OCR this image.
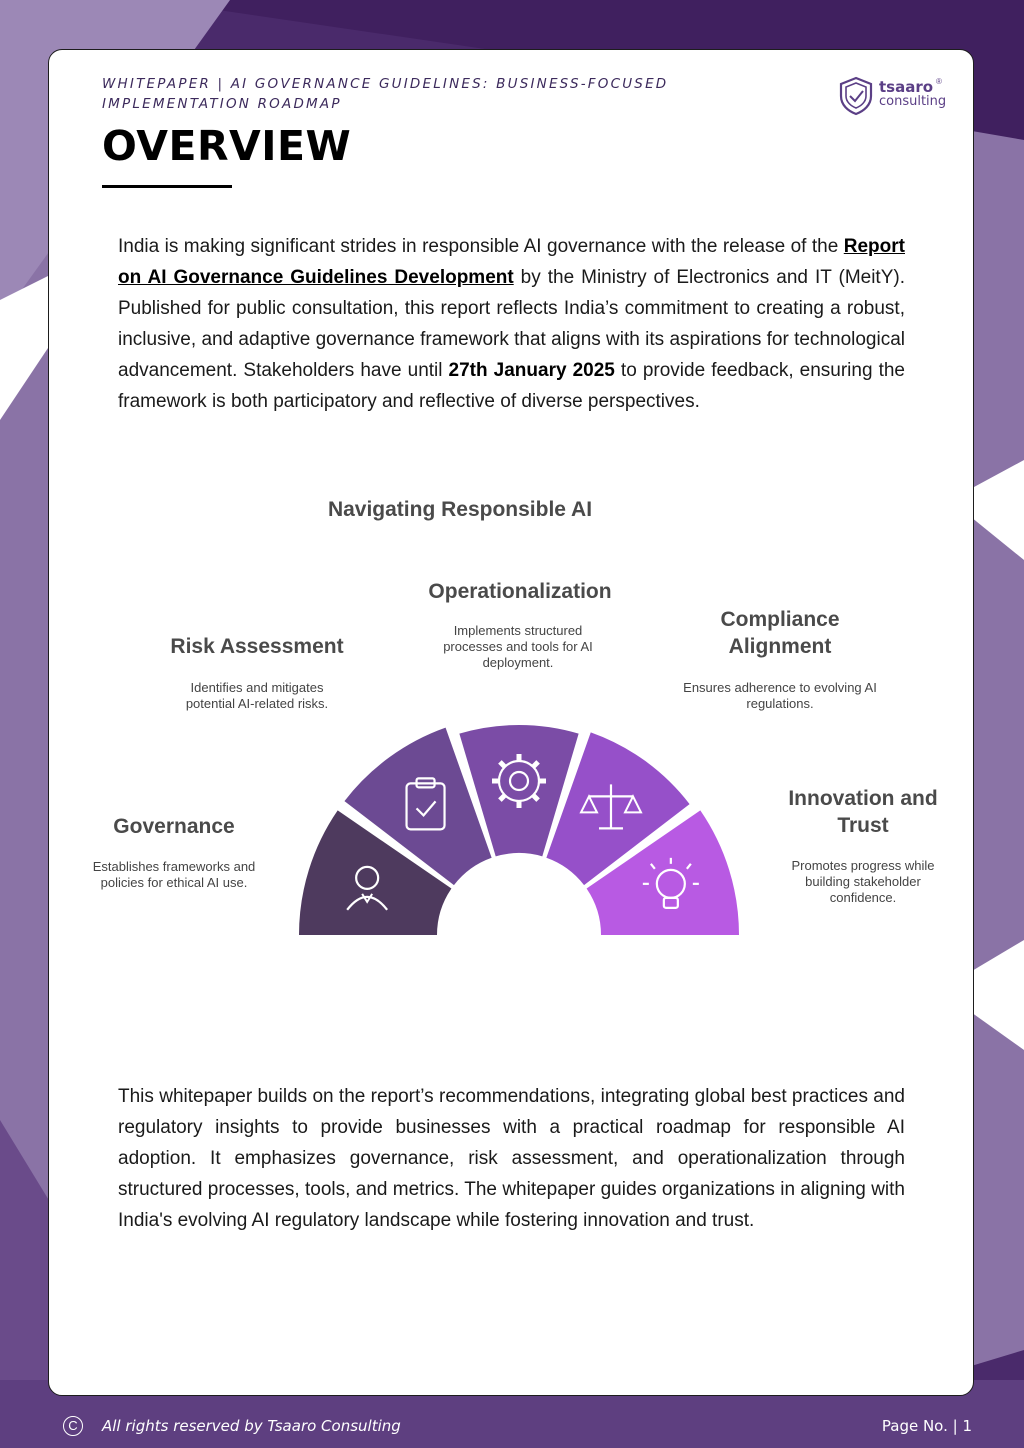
WHITEPAPER | AI GOVERNANCE GUIDELINES: BUSINESS-FOCUSED IMPLEMENTATION ROADMAP
OVERVIEW
tsaaro ®
consulting

India is making significant strides in responsible AI governance with the release of the Report on AI Governance Guidelines Development by the Ministry of Electronics and IT (MeitY). Published for public consultation, this report reflects India’s commitment to creating a robust, inclusive, and adaptive governance framework that aligns with its aspirations for technological advancement. Stakeholders have until 27th January 2025 to provide feedback, ensuring the framework is both participatory and reflective of diverse perspectives.

Navigating Responsible AI
Governance
Establishes frameworks and policies for ethical AI use.
Risk Assessment
Identifies and mitigates potential AI-related risks.
Operationalization
Implements structured processes and tools for AI deployment.
Compliance Alignment
Ensures adherence to evolving AI regulations.
Innovation and Trust
Promotes progress while building stakeholder confidence.

This whitepaper builds on the report’s recommendations, integrating global best practices and regulatory insights to provide businesses with a practical roadmap for responsible AI adoption. It emphasizes governance, risk assessment, and operationalization through structured processes, tools, and metrics. The whitepaper guides organizations in aligning with India's evolving AI regulatory landscape while fostering innovation and trust.

C	All rights reserved by Tsaaro Consulting	Page No. | 1
